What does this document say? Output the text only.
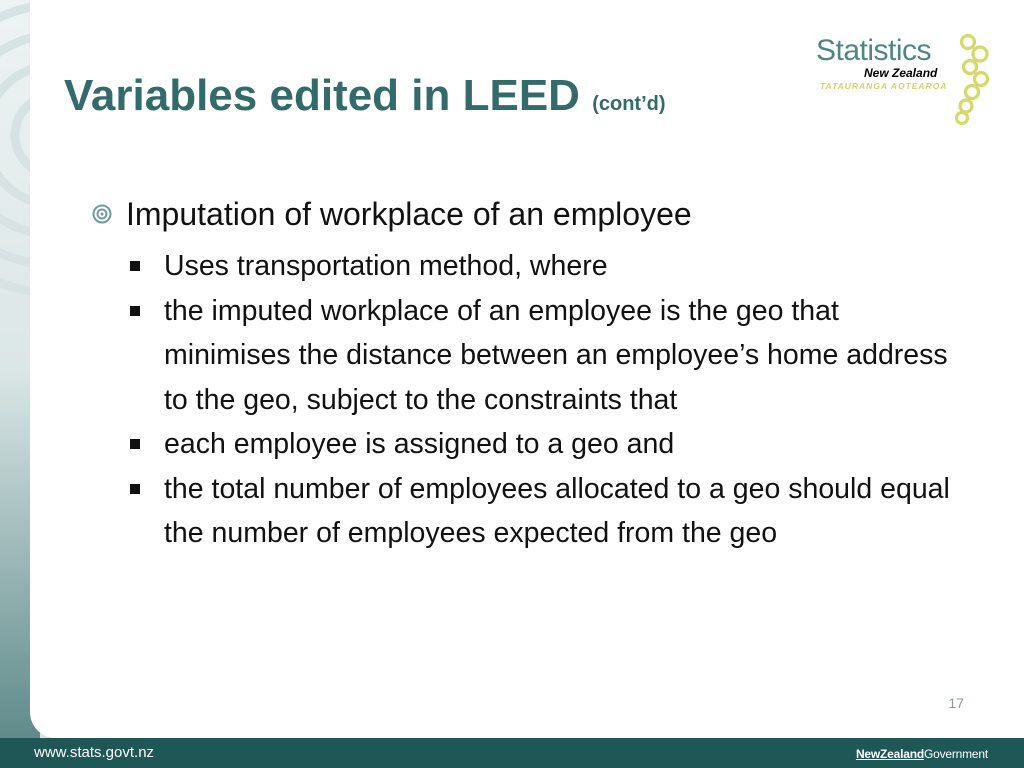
Variables edited in LEED (cont’d)
Statistics
New Zealand
TATAURANGA AOTEAROA
Imputation of workplace of an employee
Uses transportation method, where
the imputed workplace of an employee is the geo that minimises the distance between an employee’s home address to the geo, subject to the constraints that
each employee is assigned to a geo and
the total number of employees allocated to a geo should equal the number of employees expected from the geo
17
www.stats.govt.nz	NewZealandGovernment
